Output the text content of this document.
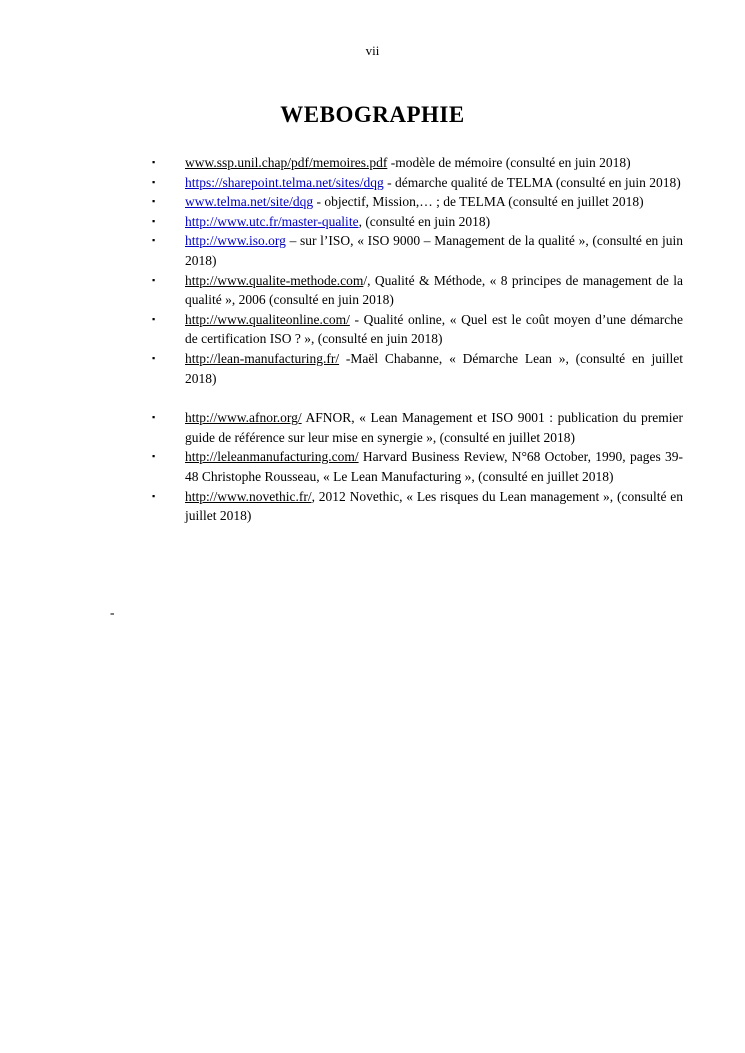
vii
WEBOGRAPHIE
▪ www.ssp.unil.chap/pdf/memoires.pdf -modèle de mémoire (consulté en juin 2018)
▪ https://sharepoint.telma.net/sites/dqg - démarche qualité de TELMA (consulté en juin 2018)
▪ www.telma.net/site/dqg - objectif, Mission,… ; de TELMA (consulté en juillet 2018)
▪ http://www.utc.fr/master-qualite, (consulté en juin 2018)
▪ http://www.iso.org – sur l’ISO, « ISO 9000 – Management de la qualité », (consulté en juin 2018)
▪ http://www.qualite-methode.com/, Qualité & Méthode, « 8 principes de management de la qualité », 2006 (consulté en juin 2018)
▪ http://www.qualiteonline.com/ - Qualité online, « Quel est le coût moyen d’une démarche de certification ISO ? », (consulté en juin 2018)
▪ http://lean-manufacturing.fr/ -Maël Chabanne, « Démarche Lean », (consulté en juillet 2018)
▪ http://www.afnor.org/ AFNOR, « Lean Management et ISO 9001 : publication du premier guide de référence sur leur mise en synergie », (consulté en juillet 2018)
▪ http://leleanmanufacturing.com/ Harvard Business Review, N°68 October, 1990, pages 39-48 Christophe Rousseau, « Le Lean Manufacturing », (consulté en juillet 2018)
▪ http://www.novethic.fr/, 2012 Novethic, « Les risques du Lean management », (consulté en juillet 2018)
-
